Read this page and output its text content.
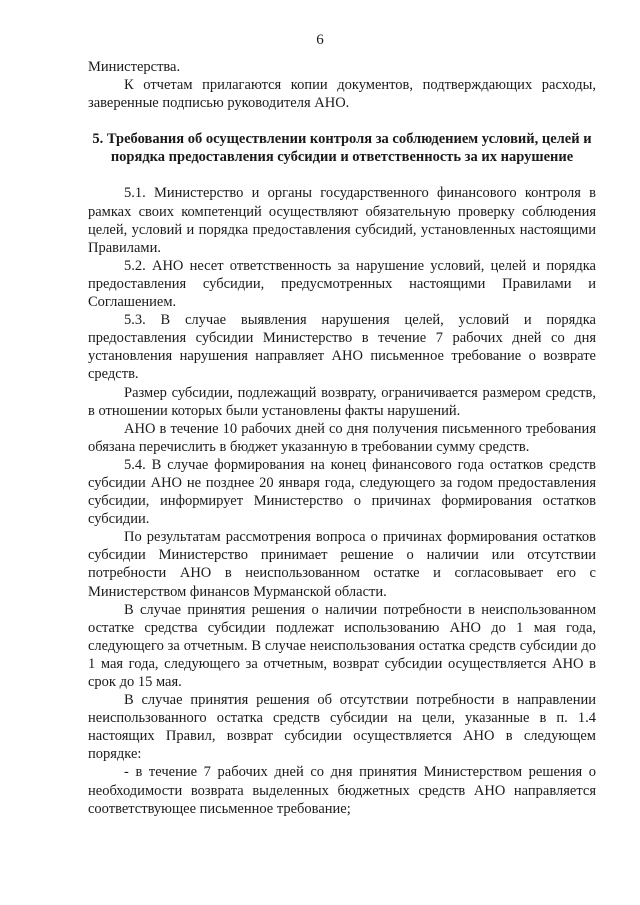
6

Министерства.

К отчетам прилагаются копии документов, подтверждающих расходы, заверенные подписью руководителя АНО.

5. Требования об осуществлении контроля за соблюдением условий, целей и порядка предоставления субсидии и ответственность за их нарушение

5.1. Министерство и органы государственного финансового контроля в рамках своих компетенций осуществляют обязательную проверку соблюдения целей, условий и порядка предоставления субсидий, установленных настоящими Правилами.

5.2. АНО несет ответственность за нарушение условий, целей и порядка предоставления субсидии, предусмотренных настоящими Правилами и Соглашением.

5.3. В случае выявления нарушения целей, условий и порядка предоставления субсидии Министерство в течение 7 рабочих дней со дня установления нарушения направляет АНО письменное требование о возврате средств.

Размер субсидии, подлежащий возврату, ограничивается размером средств, в отношении которых были установлены факты нарушений.

АНО в течение 10 рабочих дней со дня получения письменного требования обязана перечислить в бюджет указанную в требовании сумму средств.

5.4. В случае формирования на конец финансового года остатков средств субсидии АНО не позднее 20 января года, следующего за годом предоставления субсидии, информирует Министерство о причинах формирования остатков субсидии.

По результатам рассмотрения вопроса о причинах формирования остатков субсидии Министерство принимает решение о наличии или отсутствии потребности АНО в неиспользованном остатке и согласовывает его с Министерством финансов Мурманской области.

В случае принятия решения о наличии потребности в неиспользованном остатке средства субсидии подлежат использованию АНО до 1 мая года, следующего за отчетным. В случае неиспользования остатка средств субсидии до 1 мая года, следующего за отчетным, возврат субсидии осуществляется АНО в срок до 15 мая.

В случае принятия решения об отсутствии потребности в направлении неиспользованного остатка средств субсидии на цели, указанные в п. 1.4 настоящих Правил, возврат субсидии осуществляется АНО в следующем порядке:

- в течение 7 рабочих дней со дня принятия Министерством решения о необходимости возврата выделенных бюджетных средств АНО направляется соответствующее письменное требование;
